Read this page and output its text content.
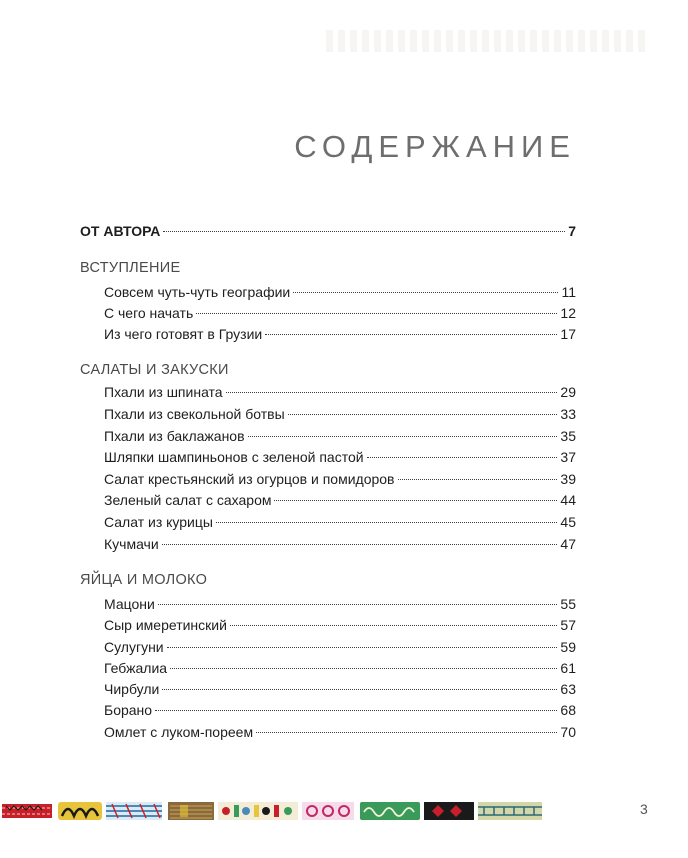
СОДЕРЖАНИЕ
ОТ АВТОРА	7
ВСТУПЛЕНИЕ
Совсем чуть-чуть географии	11
С чего начать	12
Из чего готовят в Грузии	17
САЛАТЫ И ЗАКУСКИ
Пхали из шпината	29
Пхали из свекольной ботвы	33
Пхали из баклажанов	35
Шляпки шампиньонов с зеленой пастой	37
Салат крестьянский из огурцов и помидоров	39
Зеленый салат с сахаром	44
Салат из курицы	45
Кучмачи	47
ЯЙЦА И МОЛОКО
Мацони	55
Сыр имеретинский	57
Сулугуни	59
Гебжалиа	61
Чирбули	63
Борано	68
Омлет с луком-пореем	70
3
